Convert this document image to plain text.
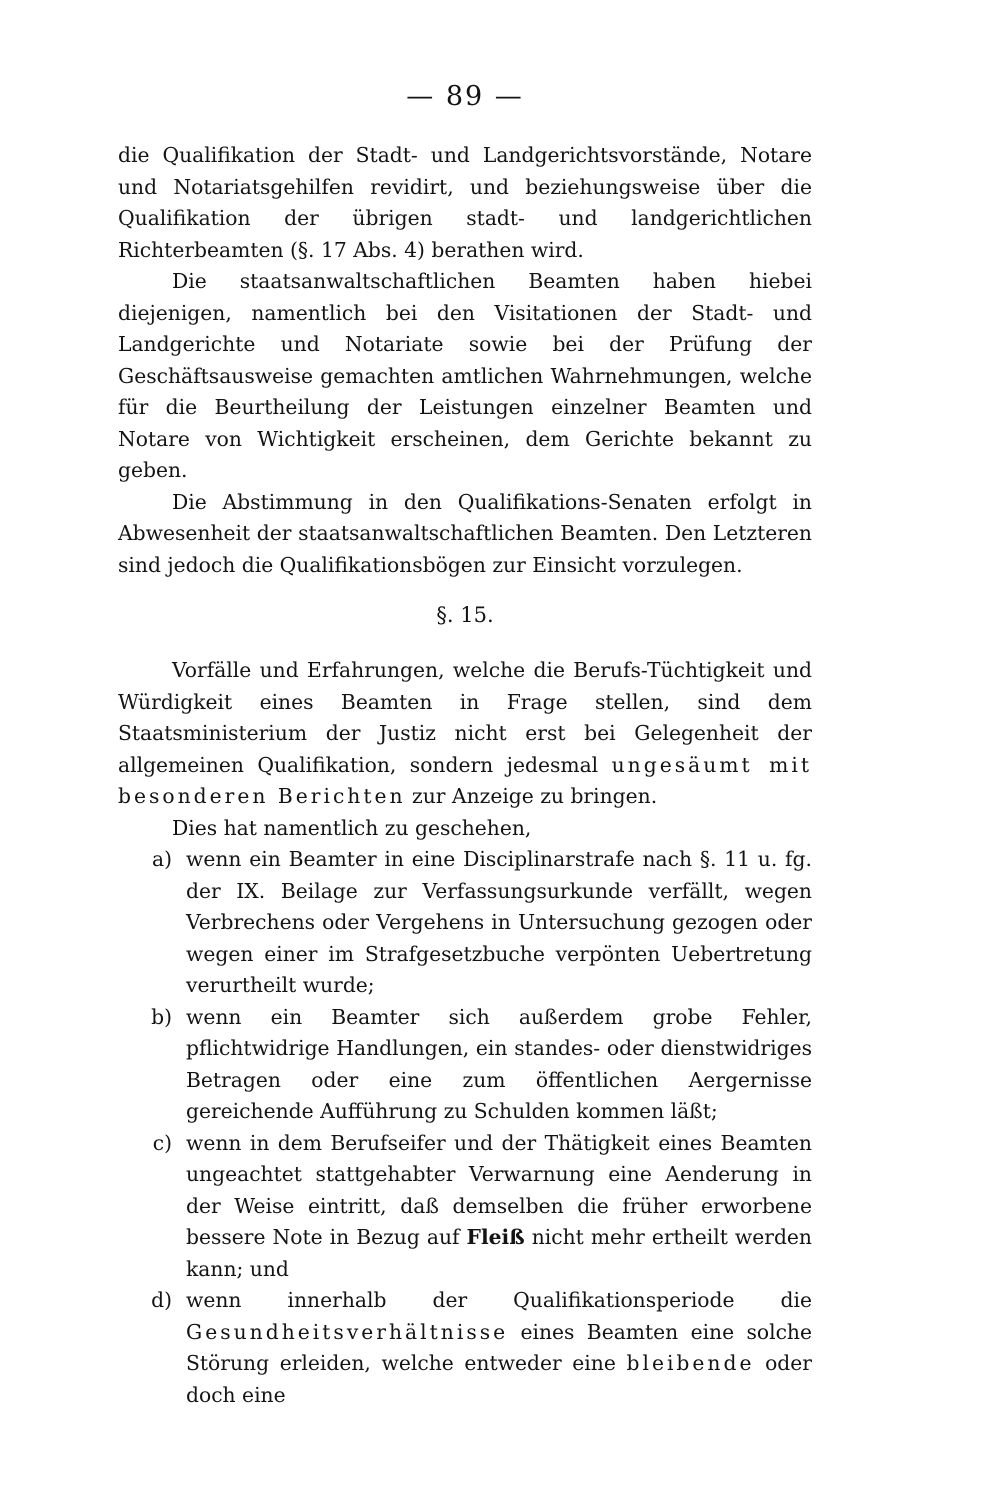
— 89 —

die Qualifikation der Stadt- und Landgerichtsvorstände, Notare und Notariatsgehilfen revidirt, und beziehungsweise über die Qualifikation der übrigen stadt- und landgerichtlichen Richterbeamten (§. 17 Abs. 4) berathen wird.

Die staatsanwaltschaftlichen Beamten haben hiebei diejenigen, namentlich bei den Visitationen der Stadt- und Landgerichte und Notariate sowie bei der Prüfung der Geschäftsausweise gemachten amtlichen Wahrnehmungen, welche für die Beurtheilung der Leistungen einzelner Beamten und Notare von Wichtigkeit erscheinen, dem Gerichte bekannt zu geben.

Die Abstimmung in den Qualifikations-Senaten erfolgt in Abwesenheit der staatsanwaltschaftlichen Beamten. Den Letzteren sind jedoch die Qualifikationsbögen zur Einsicht vorzulegen.

§. 15.

Vorfälle und Erfahrungen, welche die Berufs-Tüchtigkeit und Würdigkeit eines Beamten in Frage stellen, sind dem Staatsministerium der Justiz nicht erst bei Gelegenheit der allgemeinen Qualifikation, sondern jedesmal ungesäumt mit besonderen Berichten zur Anzeige zu bringen.

Dies hat namentlich zu geschehen,

a) wenn ein Beamter in eine Disciplinarstrafe nach §. 11 u. fg. der IX. Beilage zur Verfassungsurkunde verfällt, wegen Verbrechens oder Vergehens in Untersuchung gezogen oder wegen einer im Strafgesetzbuche verpönten Uebertretung verurtheilt wurde;
b) wenn ein Beamter sich außerdem grobe Fehler, pflichtwidrige Handlungen, ein standes- oder dienstwidriges Betragen oder eine zum öffentlichen Aergernisse gereichende Aufführung zu Schulden kommen läßt;
c) wenn in dem Berufseifer und der Thätigkeit eines Beamten ungeachtet stattgehabter Verwarnung eine Aenderung in der Weise eintritt, daß demselben die früher erworbene bessere Note in Bezug auf Fleiß nicht mehr ertheilt werden kann; und
d) wenn innerhalb der Qualifikationsperiode die Gesundheitsverhältnisse eines Beamten eine solche Störung erleiden, welche entweder eine bleibende oder doch eine
